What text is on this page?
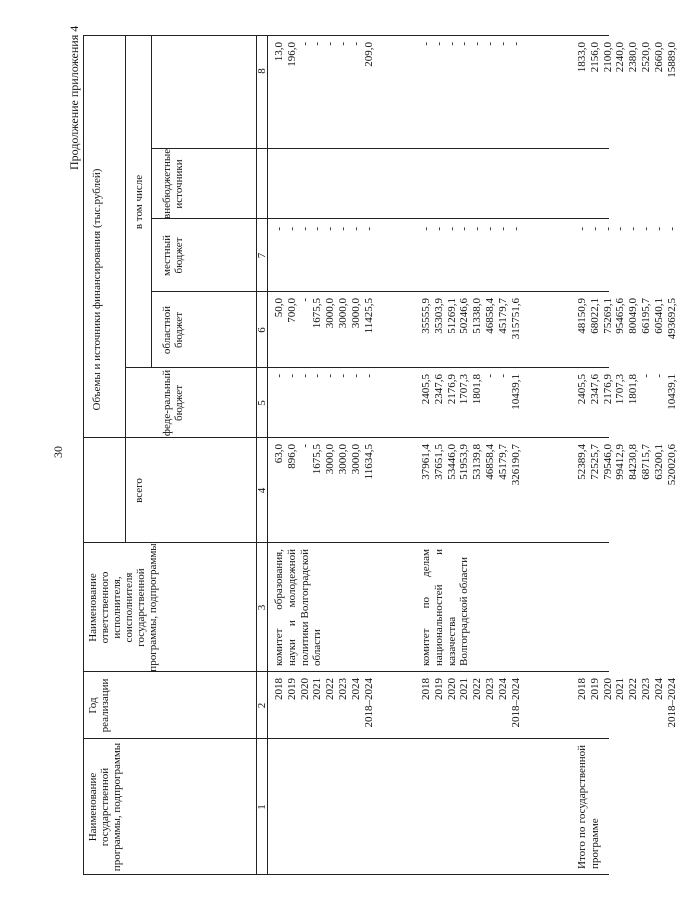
30
Продолжение приложения 4
Наименование государственной программы, подпрограммы
Год реализации
Наименование ответственного исполнителя, соисполнителя государственной программы, подпрограммы
Объемы и источники финансирования (тыс.рублей)
всего
в том числе
феде-ральный бюджет
областной бюджет
местный бюджет
внебюджетные источники
1
2
3
4
5
6
7
8
2018 2019 2020 2021 2022 2023 2024 2018–2024
63,0 896,0 - 1675,5 3000,0 3000,0 3000,0 11634,5
- - - - - - - -
50,0 700,0 - 1675,5 3000,0 3000,0 3000,0 11425,5
- - - - - - - -
13,0 196,0 - - - - - 209,0
комитет образования, науки и молодежной политики Волгоградской области
2018 2019 2020 2021 2022 2023 2024 2018–2024
37961,4 37651,5 53446,0 51953,9 53139,8 46858,4 45179,7 326190,7
2405,5 2347,6 2176,9 1707,3 1801,8 - - 10439,1
35555,9 35303,9 51269,1 50246,6 51338,0 46858,4 45179,7 315751,6
- - - - - - - -
- - - - - - - -
комитет по делам национальностей и казачества Волгоградской области
2018 2019 2020 2021 2022 2023 2024 2018–2024
52389,4 72525,7 79546,0 99412,9 84230,8 68715,7 63200,1 520020,6
2405,5 2347,6 2176,9 1707,3 1801,8 - - 10439,1
48150,9 68022,1 75269,1 95465,6 80049,0 66195,7 60540,1 493692,5
- - - - - - - -
1833,0 2156,0 2100,0 2240,0 2380,0 2520,0 2660,0 15889,0
Итого по государственной программе
